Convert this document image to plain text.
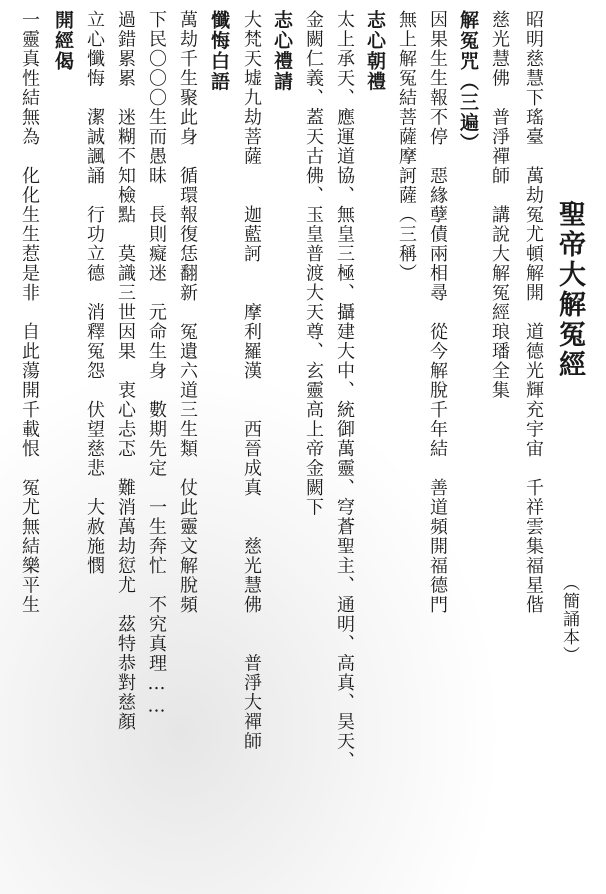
聖帝大解冤經
（簡誦本）
昭明慈慧下瑤臺　萬劫冤尤頓解開　道德光輝充宇宙　千祥雲集福星偕
慈光慧佛　普淨禪師　講說大解冤經琅璠全集
解冤咒（三遍）
因果生生報不停　惡緣孽債兩相尋　從今解脫千年結　善道頻開福德門
無上解冤結菩薩摩訶薩（三稱）
志心朝禮
太上承天、應運道協、無皇三極、攝建大中、統御萬靈、穹蒼聖主、通明、高真、昊天、
金闕仁義、蓋天古佛、玉皇普渡大天尊、玄靈高上帝金闕下
志心禮請
大梵天墟九劫菩薩　　迦藍訶　　摩利羅漢　　西晉成真　　慈光慧佛　　普淨大禪師
懺悔白語
萬劫千生聚此身　循環報復恁翻新　冤遺六道三生類　仗此靈文解脫頻
下民〇〇〇生而愚昧　長則癡迷　元命生身　數期先定　一生奔忙　不究真理……
過錯累累　迷糊不知檢點　莫識三世因果　衷心忐忑　難消萬劫愆尤　茲特恭對慈顏
立心懺悔　潔誠諷誦　行功立德　消釋冤怨　伏望慈悲　大赦施憫
開經偈
一靈真性結無為　化化生生惹是非　自此蕩開千載恨　冤尤無結樂平生
